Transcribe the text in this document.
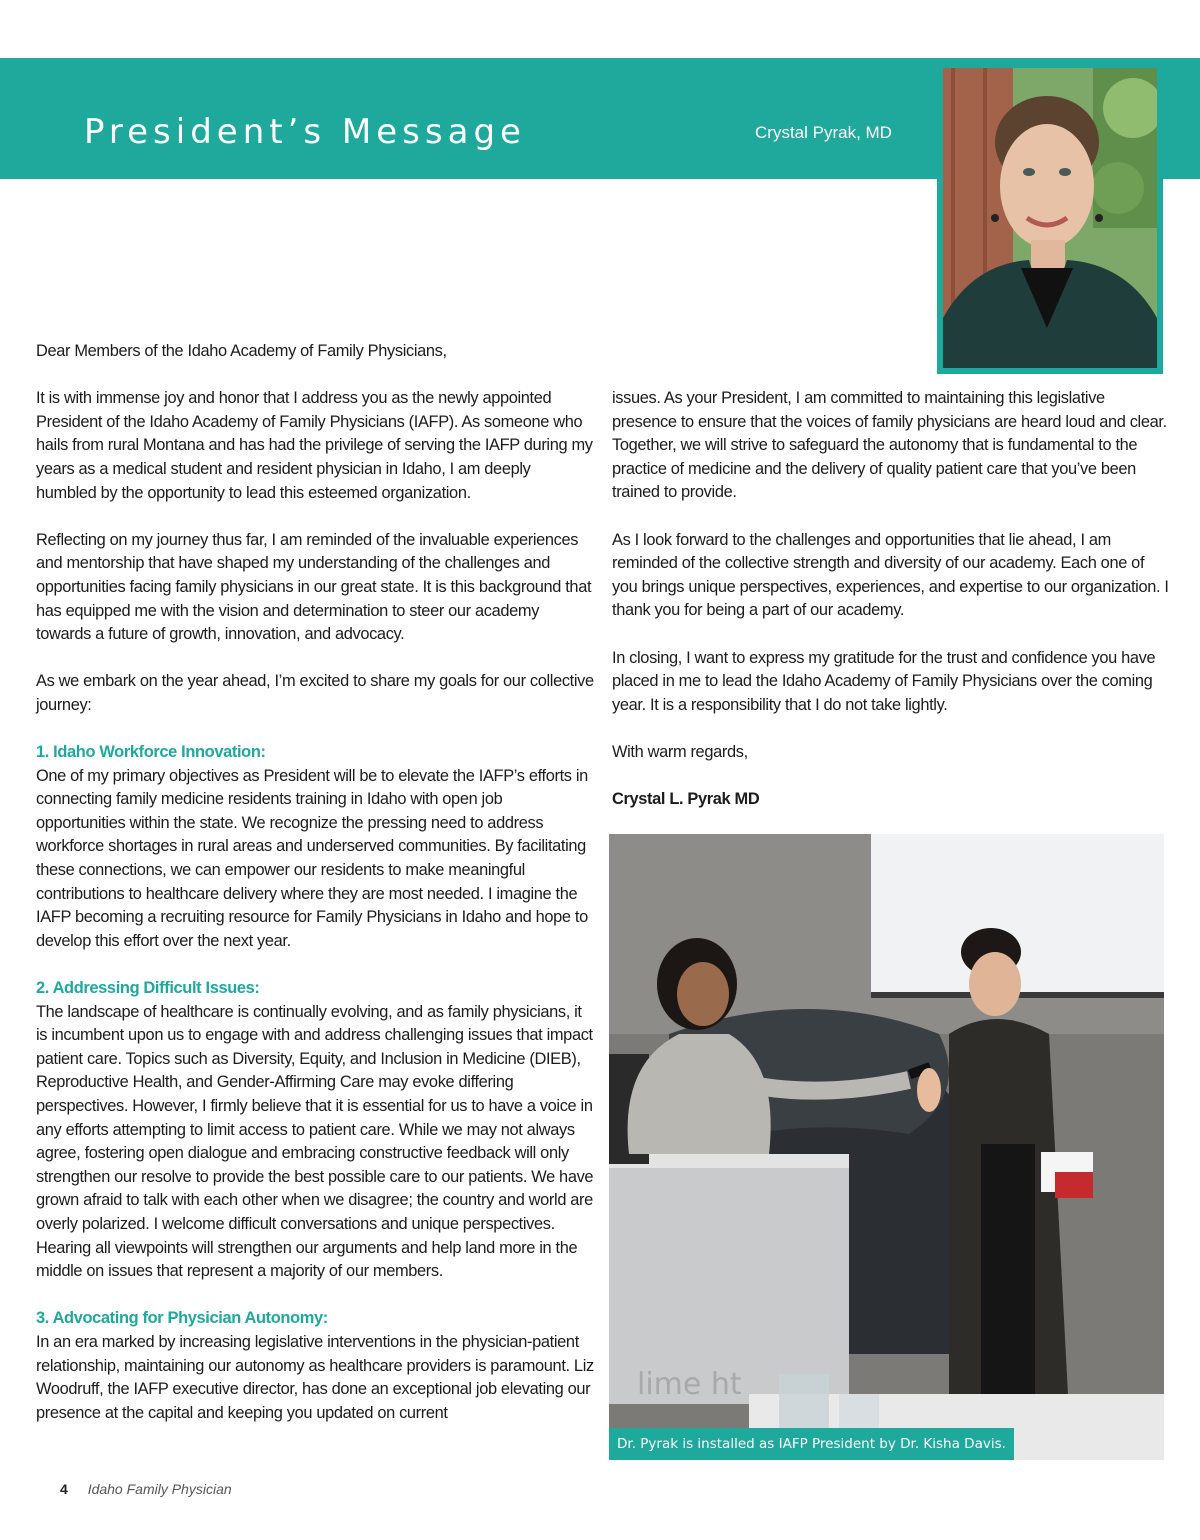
President’s Message	Crystal Pyrak, MD

Dear Members of the Idaho Academy of Family Physicians,

It is with immense joy and honor that I address you as the newly appointed President of the Idaho Academy of Family Physicians (IAFP). As someone who hails from rural Montana and has had the privilege of serving the IAFP during my years as a medical student and resident physician in Idaho, I am deeply humbled by the opportunity to lead this esteemed organization.

Reflecting on my journey thus far, I am reminded of the invaluable experiences and mentorship that have shaped my understanding of the challenges and opportunities facing family physicians in our great state. It is this background that has equipped me with the vision and determination to steer our academy towards a future of growth, innovation, and advocacy.

As we embark on the year ahead, I’m excited to share my goals for our collective journey:

1. Idaho Workforce Innovation:

One of my primary objectives as President will be to elevate the IAFP’s efforts in connecting family medicine residents training in Idaho with open job opportunities within the state. We recognize the pressing need to address workforce shortages in rural areas and underserved communities. By facilitating these connections, we can empower our residents to make meaningful contributions to healthcare delivery where they are most needed. I imagine the IAFP becoming a recruiting resource for Family Physicians in Idaho and hope to develop this effort over the next year.

2. Addressing Difficult Issues:

The landscape of healthcare is continually evolving, and as family physicians, it is incumbent upon us to engage with and address challenging issues that impact patient care. Topics such as Diversity, Equity, and Inclusion in Medicine (DIEB), Reproductive Health, and Gender-Affirming Care may evoke differing perspectives. However, I firmly believe that it is essential for us to have a voice in any efforts attempting to limit access to patient care. While we may not always agree, fostering open dialogue and embracing constructive feedback will only strengthen our resolve to provide the best possible care to our patients. We have grown afraid to talk with each other when we disagree; the country and world are overly polarized. I welcome difficult conversations and unique perspectives. Hearing all viewpoints will strengthen our arguments and help land more in the middle on issues that represent a majority of our members.

3. Advocating for Physician Autonomy:

In an era marked by increasing legislative interventions in the physician-patient relationship, maintaining our autonomy as healthcare providers is paramount. Liz Woodruff, the IAFP executive director, has done an exceptional job elevating our presence at the capital and keeping you updated on current

issues. As your President, I am committed to maintaining this legislative presence to ensure that the voices of family physicians are heard loud and clear. Together, we will strive to safeguard the autonomy that is fundamental to the practice of medicine and the delivery of quality patient care that you’ve been trained to provide.

As I look forward to the challenges and opportunities that lie ahead, I am reminded of the collective strength and diversity of our academy. Each one of you brings unique perspectives, experiences, and expertise to our organization. I thank you for being a part of our academy.

In closing, I want to express my gratitude for the trust and confidence you have placed in me to lead the Idaho Academy of Family Physicians over the coming year. It is a responsibility that I do not take lightly.

With warm regards,

Crystal L. Pyrak MD

lime ht
Dr. Pyrak is installed as IAFP President by Dr. Kisha Davis.
4 Idaho Family Physician
